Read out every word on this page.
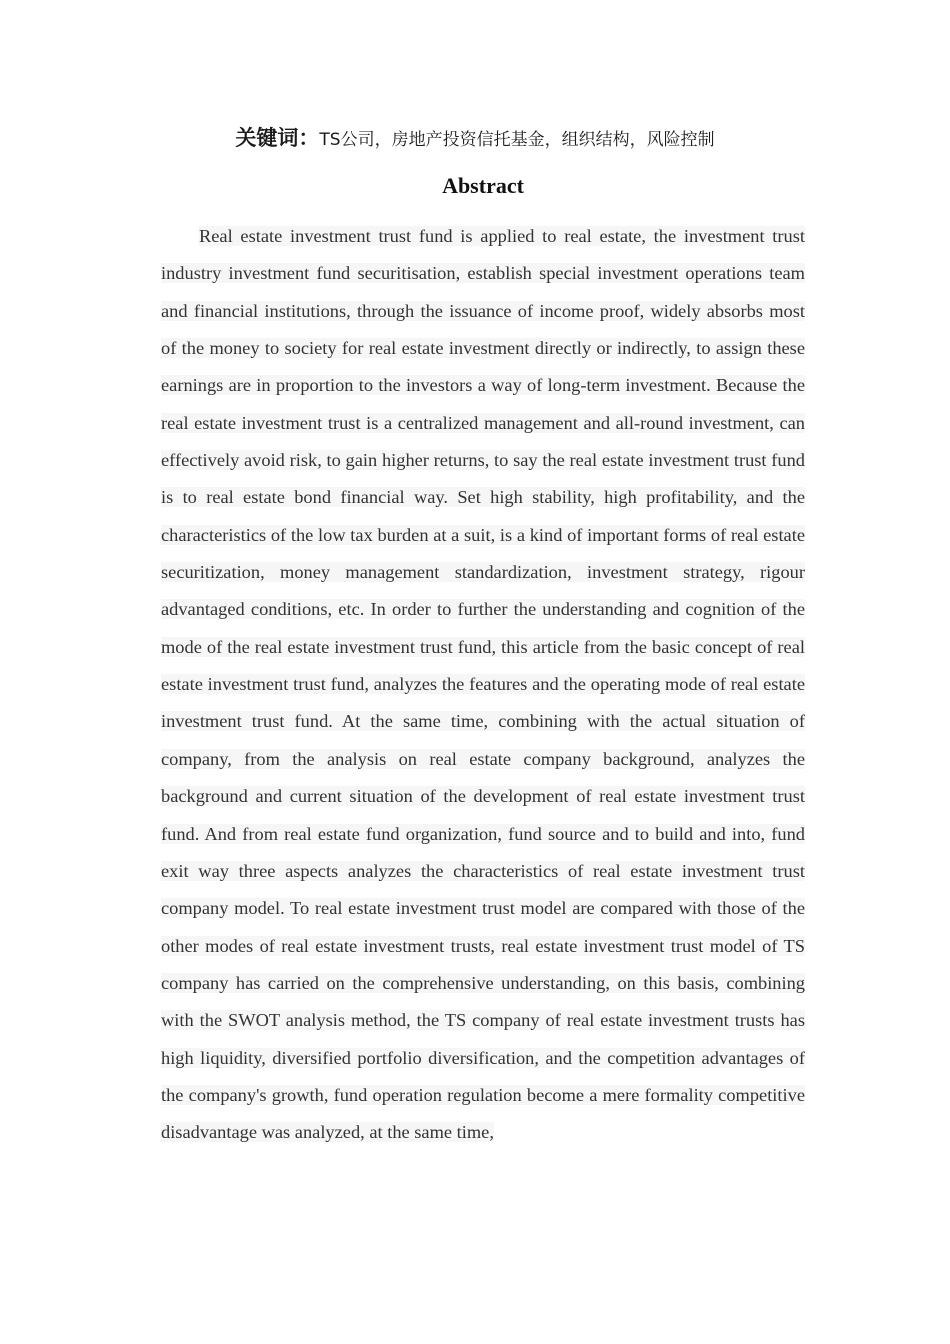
关键词：TS公司，房地产投资信托基金，组织结构，风险控制
Abstract

Real estate investment trust fund is applied to real estate, the investment trust industry investment fund securitisation, establish special investment operations team and financial institutions, through the issuance of income proof, widely absorbs most of the money to society for real estate investment directly or indirectly, to assign these earnings are in proportion to the investors a way of long-term investment. Because the real estate investment trust is a centralized management and all-round investment, can effectively avoid risk, to gain higher returns, to say the real estate investment trust fund is to real estate bond financial way. Set high stability, high profitability, and the characteristics of the low tax burden at a suit, is a kind of important forms of real estate securitization, money management standardization, investment strategy, rigour advantaged conditions, etc. In order to further the understanding and cognition of the mode of the real estate investment trust fund, this article from the basic concept of real estate investment trust fund, analyzes the features and the operating mode of real estate investment trust fund. At the same time, combining with the actual situation of company, from the analysis on real estate company background, analyzes the background and current situation of the development of real estate investment trust fund. And from real estate fund organization, fund source and to build and into, fund exit way three aspects analyzes the characteristics of real estate investment trust company model. To real estate investment trust model are compared with those of the other modes of real estate investment trusts, real estate investment trust model of TS company has carried on the comprehensive understanding, on this basis, combining with the SWOT analysis method, the TS company of real estate investment trusts has high liquidity, diversified portfolio diversification, and the competition advantages of the company's growth, fund operation regulation become a mere formality competitive disadvantage was analyzed, at the same time,
